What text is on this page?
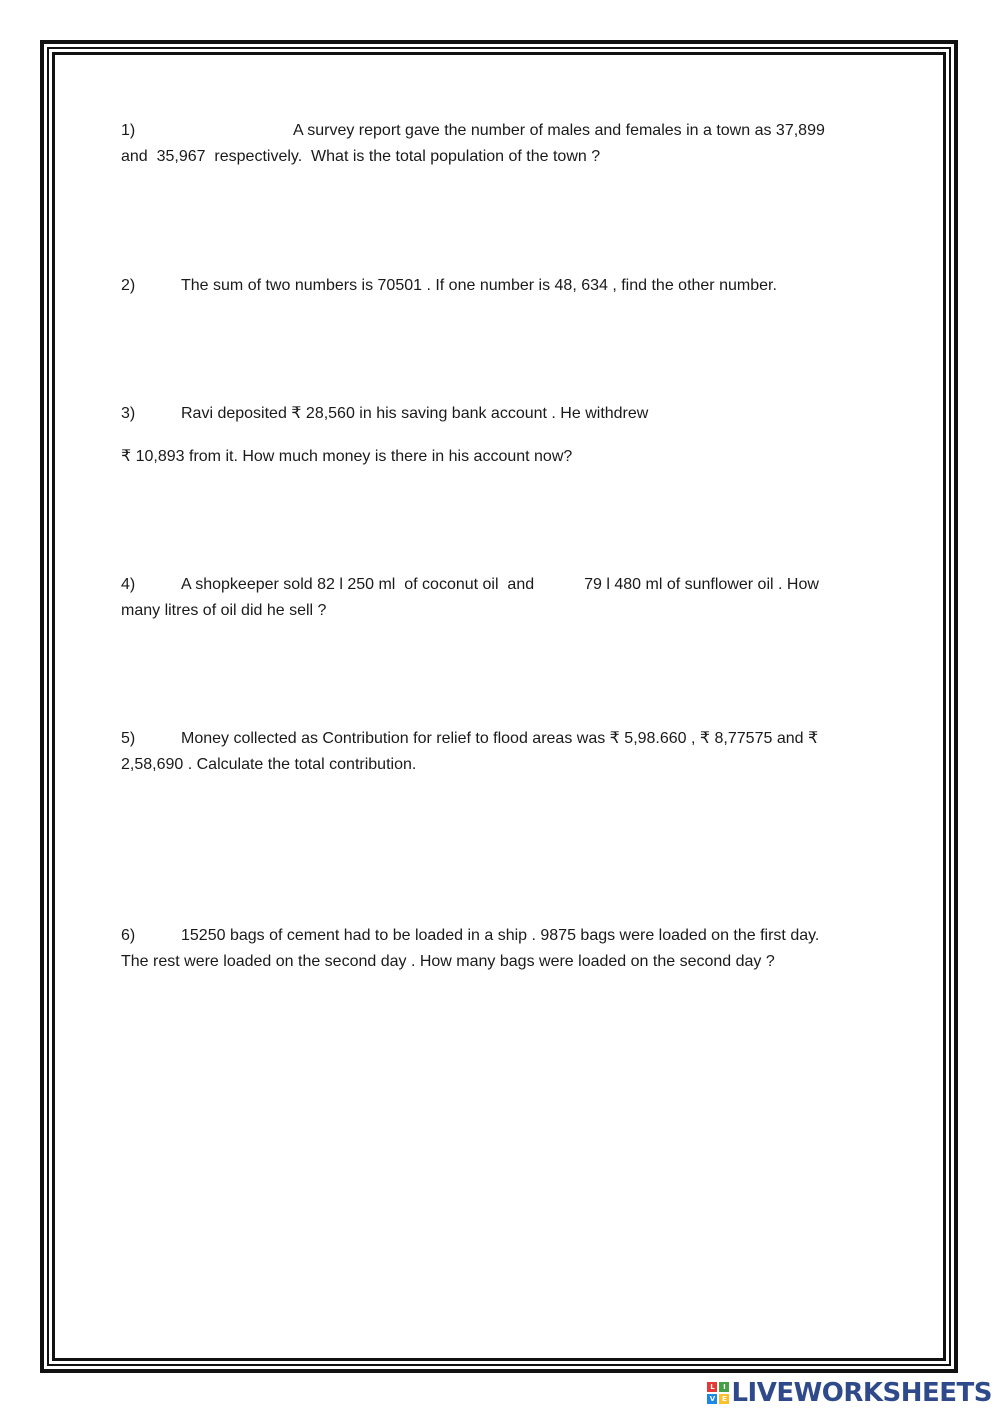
1)	A survey report gave the number of males and females in a town as 37,899
and  35,967  respectively.  What is the total population of the town ?
2)	The sum of two numbers is 70501 . If one number is 48, 634 , find the other number.
3)	Ravi deposited ₹ 28,560 in his saving bank account . He withdrew
₹ 10,893 from it. How much money is there in his account now?
4)	A shopkeeper sold 82 l 250 ml  of coconut oil  and	79 l 480 ml of sunflower oil . How
many litres of oil did he sell ?
5)	Money collected as Contribution for relief to flood areas was ₹ 5,98.660 , ₹ 8,77575 and ₹
2,58,690 . Calculate the total contribution.
6)	15250 bags of cement had to be loaded in a ship . 9875 bags were loaded on the first day.
The rest were loaded on the second day . How many bags were loaded on the second day ?
L	I
V E LIVEWORKSHEETS
